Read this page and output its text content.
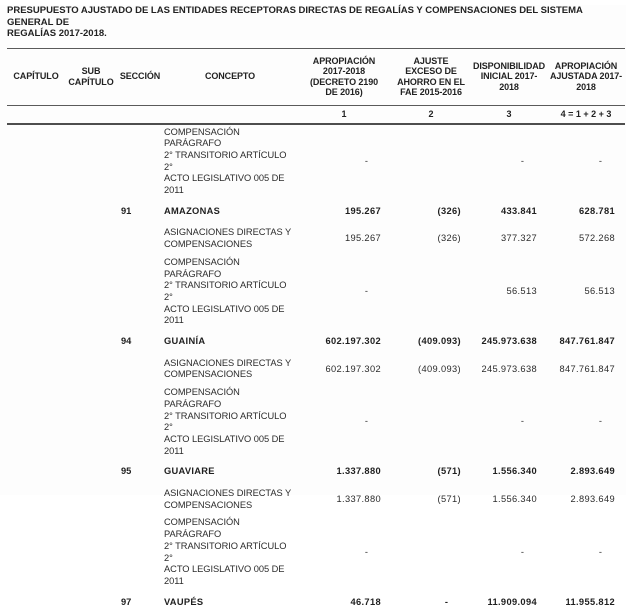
PRESUPUESTO AJUSTADO DE LAS ENTIDADES RECEPTORAS DIRECTAS DE REGALÍAS Y COMPENSACIONES DEL SISTEMA GENERAL DE
REGALÍAS 2017-2018.
CAPÍTULO	SUB
CAPÍTULO	SECCIÓN	CONCEPTO	APROPIACIÓN
2017-2018
(DECRETO 2190
DE 2016)	AJUSTE
EXCESO DE
AHORRO EN EL
FAE 2015-2016	DISPONIBILIDAD
INICIAL 2017-
2018	APROPIACIÓN
AJUSTADA 2017-
2018
				1	2	3	4 = 1 + 2 + 3
			COMPENSACIÓN PARÁGRAFO
2° TRANSITORIO ARTÍCULO 2°
ACTO LEGISLATIVO 005 DE
2011	-		-	-
		91	AMAZONAS	195.267	(326)	433.841	628.781
			ASIGNACIONES DIRECTAS Y
COMPENSACIONES	195.267	(326)	377.327	572.268
			COMPENSACIÓN PARÁGRAFO
2° TRANSITORIO ARTÍCULO 2°
ACTO LEGISLATIVO 005 DE
2011	-		56.513	56.513
		94	GUAINÍA	602.197.302	(409.093)	245.973.638	847.761.847
			ASIGNACIONES DIRECTAS Y
COMPENSACIONES	602.197.302	(409.093)	245.973.638	847.761.847
			COMPENSACIÓN PARÁGRAFO
2° TRANSITORIO ARTÍCULO 2°
ACTO LEGISLATIVO 005 DE
2011	-		-	-
		95	GUAVIARE	1.337.880	(571)	1.556.340	2.893.649
			ASIGNACIONES DIRECTAS Y
COMPENSACIONES	1.337.880	(571)	1.556.340	2.893.649
			COMPENSACIÓN PARÁGRAFO
2° TRANSITORIO ARTÍCULO 2°
ACTO LEGISLATIVO 005 DE
2011	-		-	-
		97	VAUPÉS	46.718	-	11.909.094	11.955.812
